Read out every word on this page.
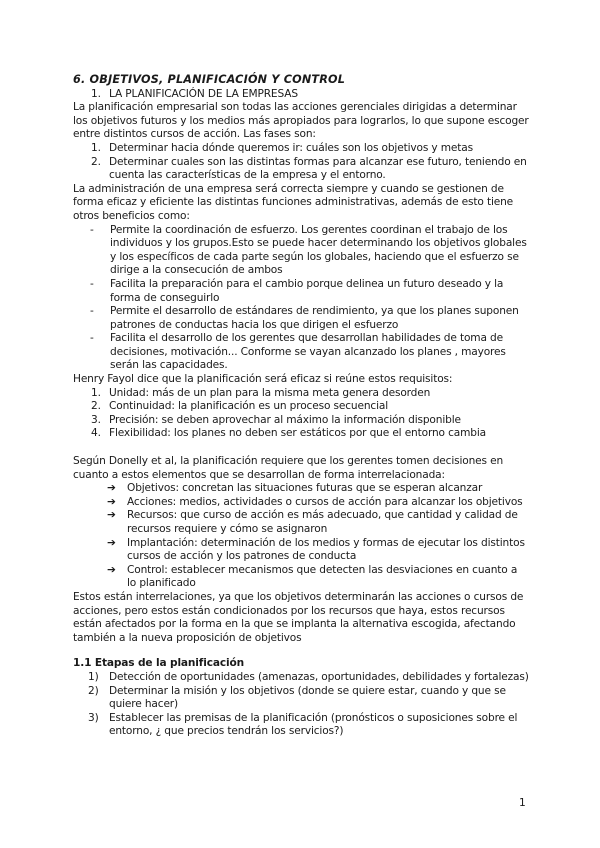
6. OBJETIVOS, PLANIFICACIÓN Y CONTROL
1. LA PLANIFICACIÓN DE LA EMPRESAS

La planificación empresarial son todas las acciones gerenciales dirigidas a determinar los objetivos futuros y los medios más apropiados para lograrlos, lo que supone escoger entre distintos cursos de acción. Las fases son:

1. Determinar hacia dónde queremos ir: cuáles son los objetivos y metas
2. Determinar cuales son las distintas formas para alcanzar ese futuro, teniendo en cuenta las características de la empresa y el entorno.

La administración de una empresa será correcta siempre y cuando se gestionen de forma eficaz y eficiente las distintas funciones administrativas, además de esto tiene otros beneficios como:

- Permite la coordinación de esfuerzo. Los gerentes coordinan el trabajo de los individuos y los grupos.Esto se puede hacer determinando los objetivos globales y los específicos de cada parte según los globales, haciendo que el esfuerzo se dirige a la consecución de ambos
- Facilita la preparación para el cambio porque delinea un futuro deseado y la forma de conseguirlo
- Permite el desarrollo de estándares de rendimiento, ya que los planes suponen patrones de conductas hacia los que dirigen el esfuerzo
- Facilita el desarrollo de los gerentes que desarrollan habilidades de toma de decisiones, motivación... Conforme se vayan alcanzado los planes , mayores serán las capacidades.

Henry Fayol dice que la planificación será eficaz si reúne estos requisitos:

1. Unidad: más de un plan para la misma meta genera desorden
2. Continuidad: la planificación es un proceso secuencial
3. Precisión: se deben aprovechar al máximo la información disponible
4. Flexibilidad: los planes no deben ser estáticos por que el entorno cambia

Según Donelly et al, la planificación requiere que los gerentes tomen decisiones en cuanto a estos elementos que se desarrollan de forma interrelacionada:

➔ Objetivos: concretan las situaciones futuras que se esperan alcanzar
➔ Acciones: medios, actividades o cursos de acción para alcanzar los objetivos
➔ Recursos: que curso de acción es más adecuado, que cantidad y calidad de recursos requiere y cómo se asignaron
➔ Implantación: determinación de los medios y formas de ejecutar los distintos cursos de acción y los patrones de conducta
➔ Control: establecer mecanismos que detecten las desviaciones en cuanto a lo planificado

Estos están interrelaciones, ya que los objetivos determinarán las acciones o cursos de acciones, pero estos están condicionados por los recursos que haya, estos recursos están afectados por la forma en la que se implanta la alternativa escogida, afectando también a la nueva proposición de objetivos

1.1 Etapas de la planificación

1) Detección de oportunidades (amenazas, oportunidades, debilidades y fortalezas)
2) Determinar la misión y los objetivos (donde se quiere estar, cuando y que se quiere hacer)
3) Establecer las premisas de la planificación (pronósticos o suposiciones sobre el entorno, ¿ que precios tendrán los servicios?)
1
